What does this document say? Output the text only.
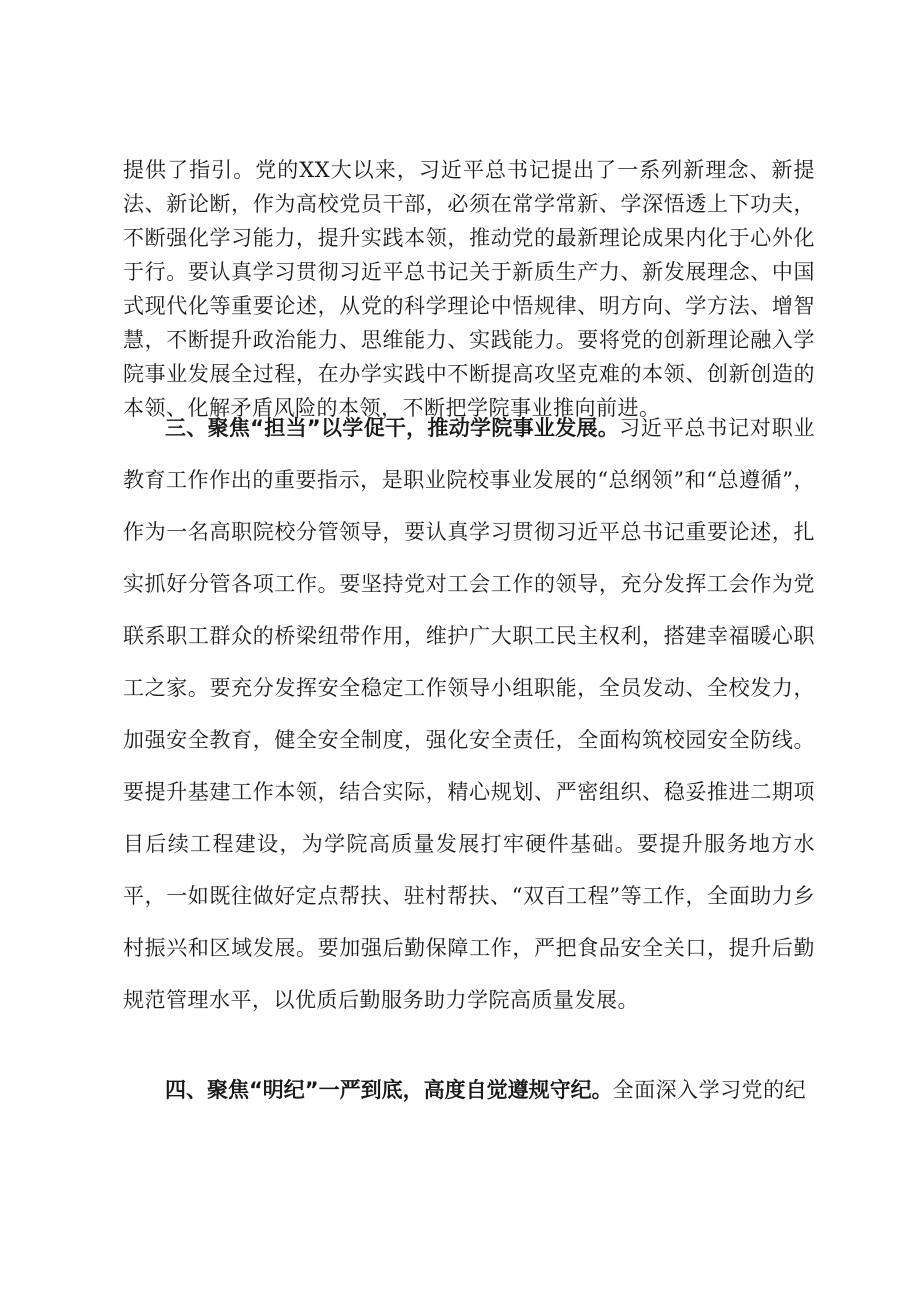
提供了指引。党的XX大以来，习近平总书记提出了一系列新理念、新提法、新论断，作为高校党员干部，必须在常学常新、学深悟透上下功夫，不断强化学习能力，提升实践本领，推动党的最新理论成果内化于心外化于行。要认真学习贯彻习近平总书记关于新质生产力、新发展理念、中国式现代化等重要论述，从党的科学理论中悟规律、明方向、学方法、增智慧，不断提升政治能力、思维能力、实践能力。要将党的创新理论融入学院事业发展全过程，在办学实践中不断提高攻坚克难的本领、创新创造的本领、化解矛盾风险的本领，不断把学院事业推向前进。

三、聚焦“担当”以学促干，推动学院事业发展。习近平总书记对职业教育工作作出的重要指示，是职业院校事业发展的“总纲领”和“总遵循”，作为一名高职院校分管领导，要认真学习贯彻习近平总书记重要论述，扎实抓好分管各项工作。要坚持党对工会工作的领导，充分发挥工会作为党联系职工群众的桥梁纽带作用，维护广大职工民主权利，搭建幸福暖心职工之家。要充分发挥安全稳定工作领导小组职能，全员发动、全校发力，加强安全教育，健全安全制度，强化安全责任，全面构筑校园安全防线。要提升基建工作本领，结合实际，精心规划、严密组织、稳妥推进二期项目后续工程建设，为学院高质量发展打牢硬件基础。要提升服务地方水平，一如既往做好定点帮扶、驻村帮扶、“双百工程”等工作，全面助力乡村振兴和区域发展。要加强后勤保障工作，严把食品安全关口，提升后勤规范管理水平，以优质后勤服务助力学院高质量发展。

四、聚焦“明纪”一严到底，高度自觉遵规守纪。全面深入学习党的纪
